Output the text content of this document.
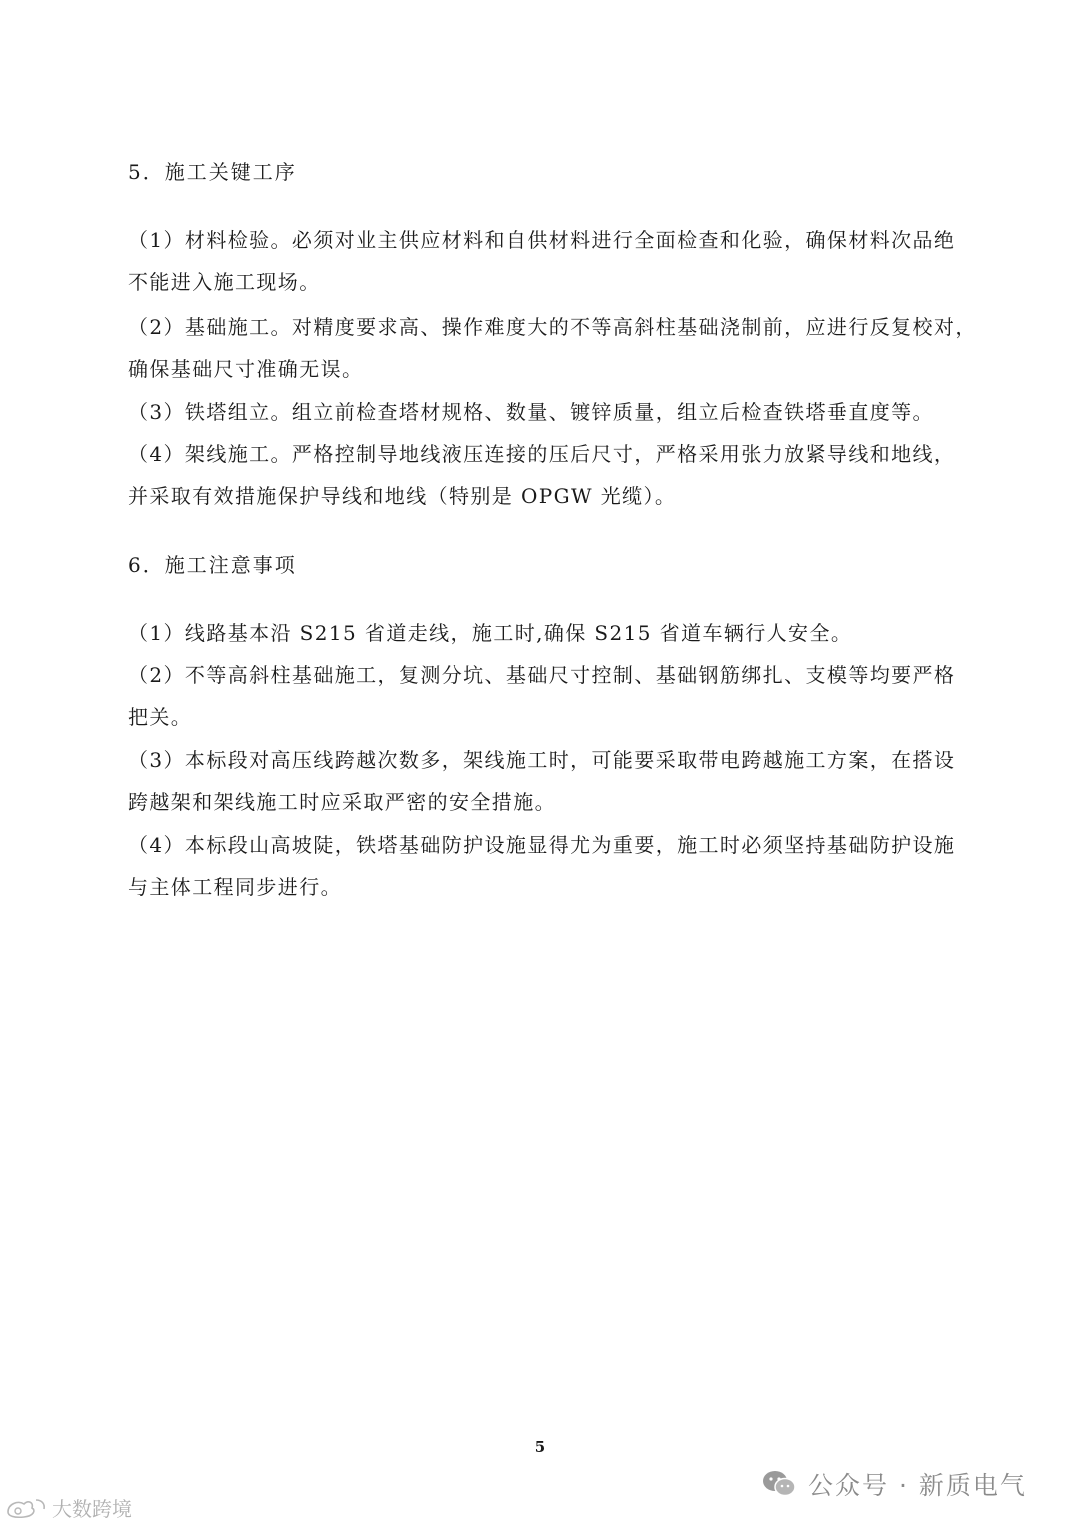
5．施工关键工序
（1）材料检验。必须对业主供应材料和自供材料进行全面检查和化验，确保材料次品绝
不能进入施工现场。
（2）基础施工。对精度要求高、操作难度大的不等高斜柱基础浇制前，应进行反复校对，
确保基础尺寸准确无误。
（3）铁塔组立。组立前检查塔材规格、数量、镀锌质量，组立后检查铁塔垂直度等。
（4）架线施工。严格控制导地线液压连接的压后尺寸，严格采用张力放紧导线和地线，
并采取有效措施保护导线和地线（特别是 OPGW 光缆）。
6．施工注意事项
（1）线路基本沿 S215 省道走线，施工时,确保 S215 省道车辆行人安全。
（2）不等高斜柱基础施工，复测分坑、基础尺寸控制、基础钢筋绑扎、支模等均要严格
把关。
（3）本标段对高压线跨越次数多，架线施工时，可能要采取带电跨越施工方案，在搭设
跨越架和架线施工时应采取严密的安全措施。
（4）本标段山高坡陡，铁塔基础防护设施显得尤为重要，施工时必须坚持基础防护设施
与主体工程同步进行。
5
公众号 · 新质电气
大数跨境
